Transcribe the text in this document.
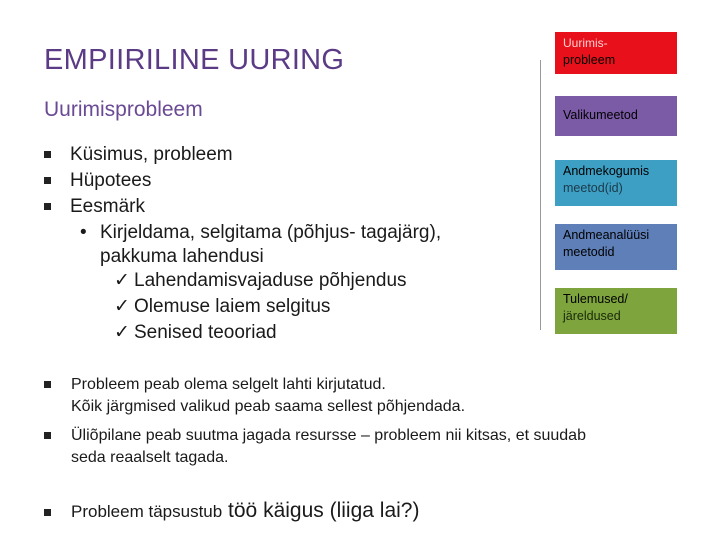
EMPIIRILINE UURING
Uurimisprobleem
Küsimus, probleem
Hüpotees
Eesmärk
• Kirjeldama, selgitama (põhjus- tagajärg),
pakkuma lahendusi
✓ Lahendamisvajaduse põhjendus
✓ Olemuse laiem selgitus
✓ Senised teooriad
Probleem peab olema selgelt lahti kirjutatud.
Kõik järgmised valikud peab saama sellest põhjendada.
Üliõpilane peab suutma jagada resursse – probleem nii kitsas, et suudab
seda reaalselt tagada.
Probleem täpsustub töö käigus (liiga lai?)
Uurimis-
probleem
Valikumeetod
Andmekogumis
meetod(id)
Andmeanalüüsi
meetodid
Tulemused/
järeldused
